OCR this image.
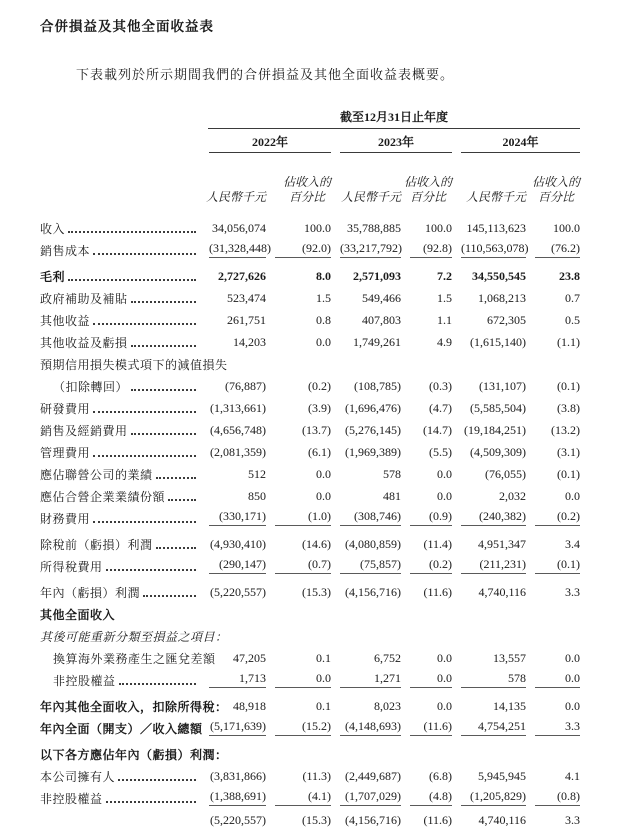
合併損益及其他全面收益表

下表載列於所示期間我們的合併損益及其他全面收益表概要。

	截至12月31日止年度					

	2022年		2023年		2024年	

人民幣千元

佔收入的
百分比	人民幣千元

佔收入的
百分比	人民幣千元

佔收入的
百分比

收入	34,056,074	100.0	35,788,885	100.0	145,113,623	100.0

銷售成本	(31,328,448)	(92.0)	(33,217,792)	(92.8)	(110,563,078)	(76.2)

毛利	2,727,626	8.0	2,571,093	7.2	34,550,545	23.8

政府補助及補貼	523,474	1.5	549,466	1.5	1,068,213	0.7

其他收益	261,751	0.8	407,803	1.1	672,305	0.5

其他收益及虧損	14,203	0.0	1,749,261	4.9	(1,615,140)	(1.1)

預期信用損失模式項下的減值損失						

（扣除轉回）	(76,887)	(0.2)	(108,785)	(0.3)	(131,107)	(0.1)

研發費用	(1,313,661)	(3.9)	(1,696,476)	(4.7)	(5,585,504)	(3.8)

銷售及經銷費用	(4,656,748)	(13.7)	(5,276,145)	(14.7)	(19,184,251)	(13.2)

管理費用	(2,081,359)	(6.1)	(1,969,389)	(5.5)	(4,509,309)	(3.1)

應佔聯營公司的業績	512	0.0	578	0.0	(76,055)	(0.1)

應佔合營企業業績份額	850	0.0	481	0.0	2,032	0.0

財務費用	(330,171)	(1.0)	(308,746)	(0.9)	(240,382)	(0.2)

除稅前（虧損）利潤	(4,930,410)	(14.6)	(4,080,859)	(11.4)	4,951,347	3.4

所得稅費用	(290,147)	(0.7)	(75,857)	(0.2)	(211,231)	(0.1)

年內（虧損）利潤	(5,220,557)	(15.3)	(4,156,716)	(11.6)	4,740,116	3.3

其他全面收入						

其後可能重新分類至損益之項目：						

換算海外業務產生之匯兌差額	47,205	0.1	6,752	0.0	13,557	0.0

非控股權益	1,713	0.0	1,271	0.0	578	0.0

年內其他全面收入，扣除所得稅：	48,918	0.1	8,023	0.0	14,135	0.0

年內全面（開支）／收入總額	(5,171,639)	(15.2)	(4,148,693)	(11.6)	4,754,251	3.3

以下各方應佔年內（虧損）利潤：						

本公司擁有人	(3,831,866)	(11.3)	(2,449,687)	(6.8)	5,945,945	4.1

非控股權益	(1,388,691)	(4.1)	(1,707,029)	(4.8)	(1,205,829)	(0.8)

	(5,220,557)	(15.3)	(4,156,716)	(11.6)	4,740,116	3.3
